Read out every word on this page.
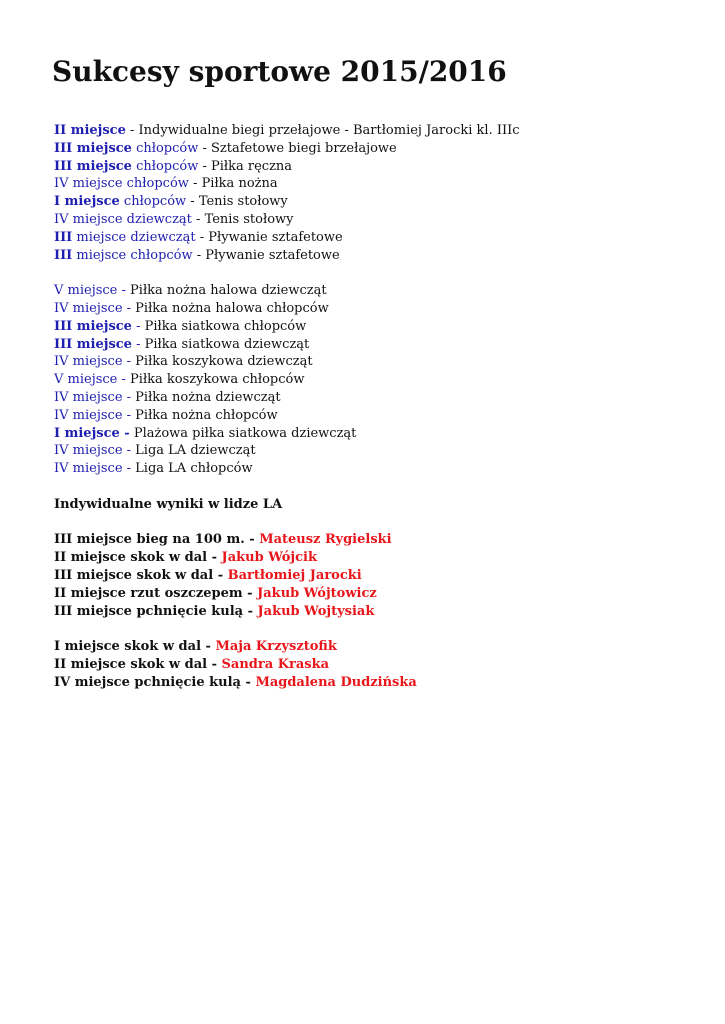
Sukcesy sportowe 2015/2016
II miejsce - Indywidualne biegi przełajowe - Bartłomiej Jarocki kl. IIIc
III miejsce chłopców - Sztafetowe biegi brzełajowe
III miejsce chłopców - Piłka ręczna
IV miejsce chłopców - Piłka nożna
I miejsce chłopców - Tenis stołowy
IV miejsce dziewcząt - Tenis stołowy
III miejsce dziewcząt - Pływanie sztafetowe
III miejsce chłopców - Pływanie sztafetowe
V miejsce - Piłka nożna halowa dziewcząt
IV miejsce - Piłka nożna halowa chłopców
III miejsce - Piłka siatkowa chłopców
III miejsce - Piłka siatkowa dziewcząt
IV miejsce - Piłka koszykowa dziewcząt
V miejsce - Piłka koszykowa chłopców
IV miejsce - Piłka nożna dziewcząt
IV miejsce - Piłka nożna chłopców
I miejsce - Plażowa piłka siatkowa dziewcząt
IV miejsce - Liga LA dziewcząt
IV miejsce - Liga LA chłopców
Indywidualne wyniki w lidze LA
III miejsce bieg na 100 m. - Mateusz Rygielski
II miejsce skok w dal - Jakub Wójcik
III miejsce skok w dal - Bartłomiej Jarocki
II miejsce rzut oszczepem - Jakub Wójtowicz
III miejsce pchnięcie kulą - Jakub Wojtysiak
I miejsce skok w dal - Maja Krzysztofik
II miejsce skok w dal - Sandra Kraska
IV miejsce pchnięcie kulą - Magdalena Dudzińska
